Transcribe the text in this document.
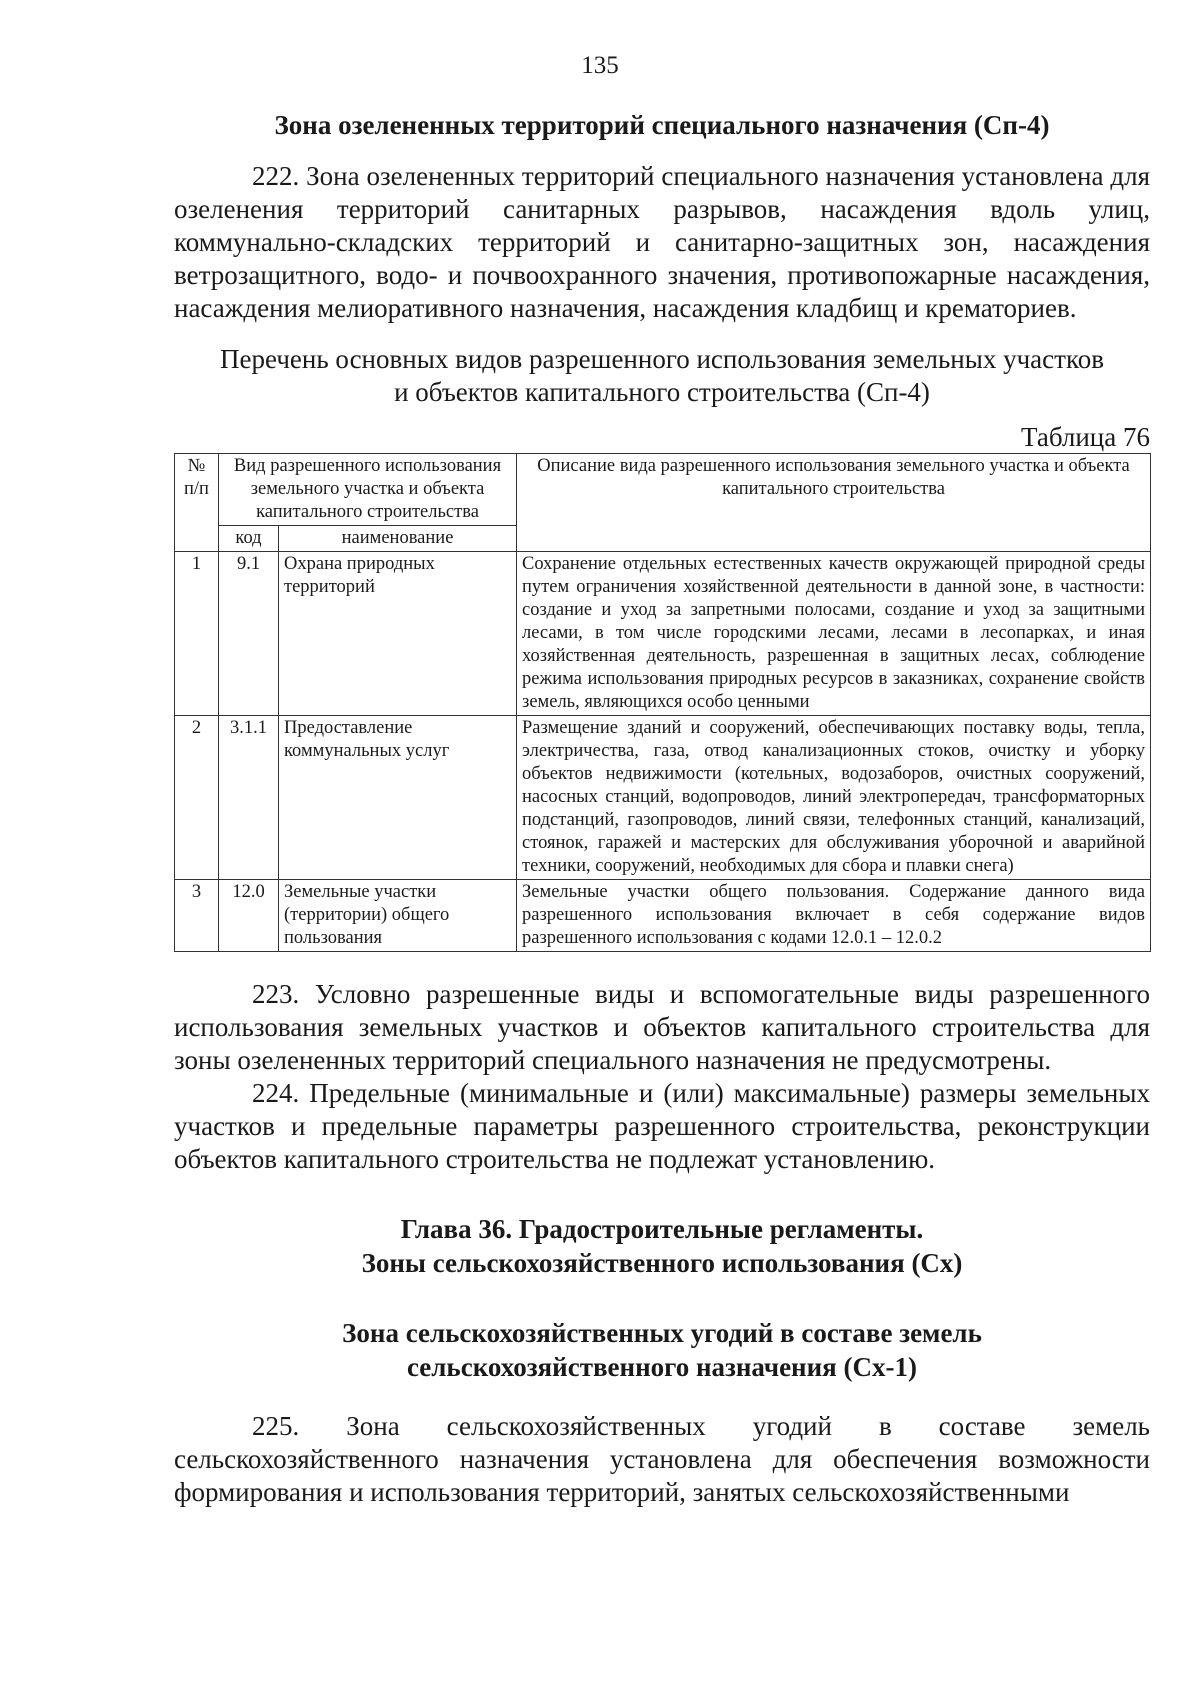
135
Зона озелененных территорий специального назначения (Сп-4)

222. Зона озелененных территорий специального назначения установлена для озеленения территорий санитарных разрывов, насаждения вдоль улиц, коммунально-складских территорий и санитарно-защитных зон, насаждения ветрозащитного, водо- и почвоохранного значения, противопожарные насаждения, насаждения мелиоративного назначения, насаждения кладбищ и крематориев.

Перечень основных видов разрешенного использования земельных участков
и объектов капитального строительства (Сп-4)
Таблица 76
№ п/п	Вид разрешенного использования земельного участка и объекта капитального строительства		Описание вида разрешенного использования земельного участка и объекта капитального строительства
	код	наименование	
1	9.1	Охрана природных территорий	Сохранение отдельных естественных качеств окружающей природной среды путем ограничения хозяйственной деятельности в данной зоне, в частности: создание и уход за запретными полосами, создание и уход за защитными лесами, в том числе городскими лесами, лесами в лесопарках, и иная хозяйственная деятельность, разрешенная в защитных лесах, соблюдение режима использования природных ресурсов в заказниках, сохранение свойств земель, являющихся особо ценными
2	3.1.1	Предоставление коммунальных услуг	Размещение зданий и сооружений, обеспечивающих поставку воды, тепла, электричества, газа, отвод канализационных стоков, очистку и уборку объектов недвижимости (котельных, водозаборов, очистных сооружений, насосных станций, водопроводов, линий электропередач, трансформаторных подстанций, газопроводов, линий связи, телефонных станций, канализаций, стоянок, гаражей и мастерских для обслуживания уборочной и аварийной техники, сооружений, необходимых для сбора и плавки снега)
3	12.0	Земельные участки (территории) общего пользования	Земельные участки общего пользования. Содержание данного вида разрешенного использования включает в себя содержание видов разрешенного использования с кодами 12.0.1 – 12.0.2

223. Условно разрешенные виды и вспомогательные виды разрешенного использования земельных участков и объектов капитального строительства для зоны озелененных территорий специального назначения не предусмотрены.

224. Предельные (минимальные и (или) максимальные) размеры земельных участков и предельные параметры разрешенного строительства, реконструкции объектов капитального строительства не подлежат установлению.

Глава 36. Градостроительные регламенты.
Зоны сельскохозяйственного использования (Сх)
Зона сельскохозяйственных угодий в составе земель
сельскохозяйственного назначения (Сх-1)

225. Зона сельскохозяйственных угодий в составе земель сельскохозяйственного назначения установлена для обеспечения возможности формирования и использования территорий, занятых сельскохозяйственными
